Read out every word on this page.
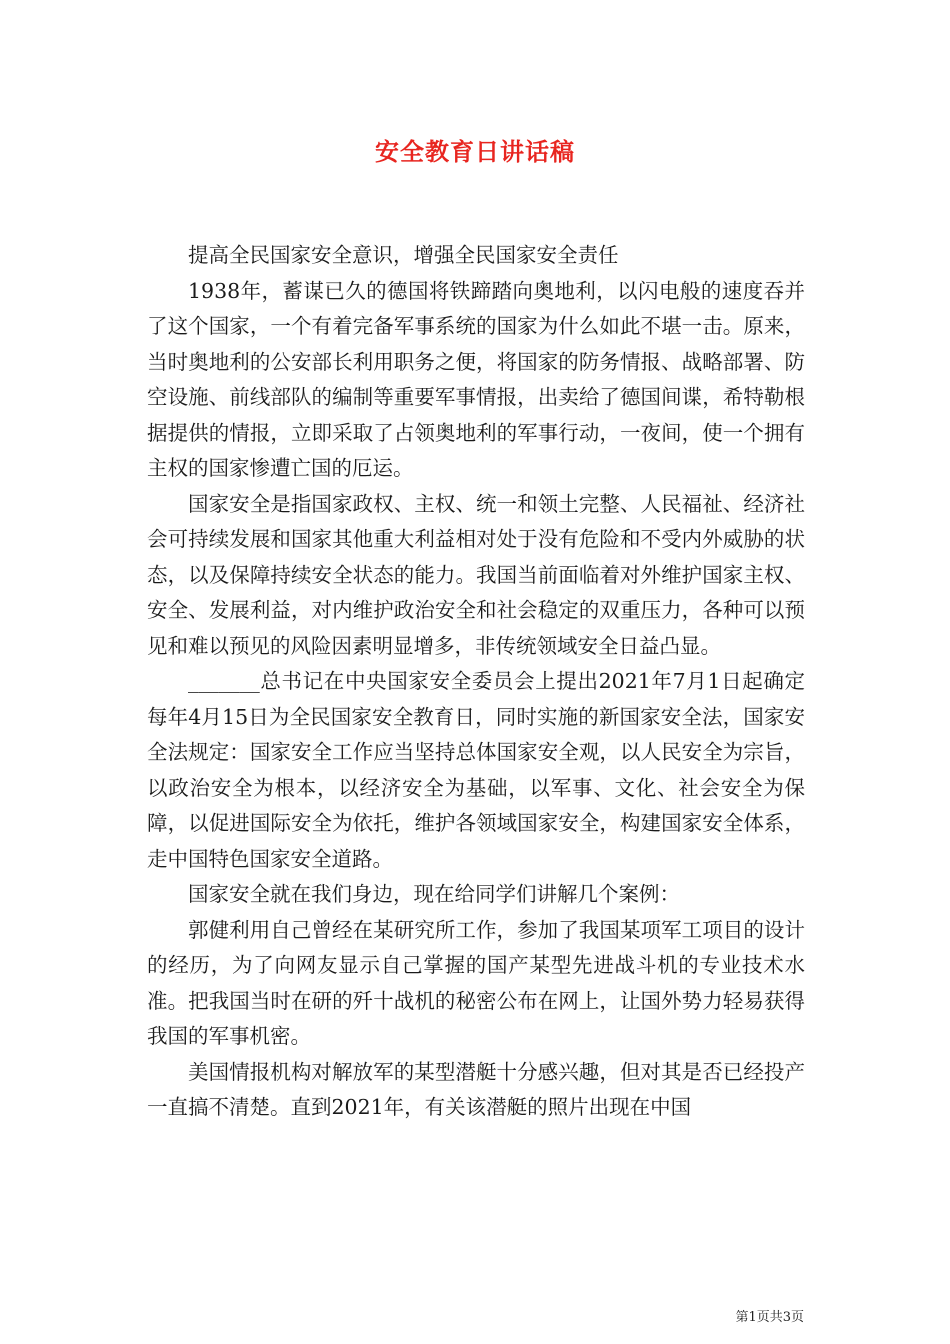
安全教育日讲话稿

提高全民国家安全意识，增强全民国家安全责任

1938年，蓄谋已久的德国将铁蹄踏向奥地利，以闪电般的速度吞并了这个国家，一个有着完备军事系统的国家为什么如此不堪一击。原来，当时奥地利的公安部长利用职务之便，将国家的防务情报、战略部署、防空设施、前线部队的编制等重要军事情报，出卖给了德国间谍，希特勒根据提供的情报，立即采取了占领奥地利的军事行动，一夜间，使一个拥有主权的国家惨遭亡国的厄运。

国家安全是指国家政权、主权、统一和领土完整、人民福祉、经济社会可持续发展和国家其他重大利益相对处于没有危险和不受内外威胁的状态，以及保障持续安全状态的能力。我国当前面临着对外维护国家主权、安全、发展利益，对内维护政治安全和社会稳定的双重压力，各种可以预见和难以预见的风险因素明显增多，非传统领域安全日益凸显。

_______总书记在中央国家安全委员会上提出2021年7月1日起确定每年4月15日为全民国家安全教育日，同时实施的新国家安全法，国家安全法规定：国家安全工作应当坚持总体国家安全观，以人民安全为宗旨，以政治安全为根本，以经济安全为基础，以军事、文化、社会安全为保障，以促进国际安全为依托，维护各领域国家安全，构建国家安全体系，走中国特色国家安全道路。

国家安全就在我们身边，现在给同学们讲解几个案例：

郭健利用自己曾经在某研究所工作，参加了我国某项军工项目的设计的经历，为了向网友显示自己掌握的国产某型先进战斗机的专业技术水准。把我国当时在研的歼十战机的秘密公布在网上，让国外势力轻易获得我国的军事机密。

美国情报机构对解放军的某型潜艇十分感兴趣，但对其是否已经投产一直搞不清楚。直到2021年，有关该潜艇的照片出现在中国

第1页共3页
